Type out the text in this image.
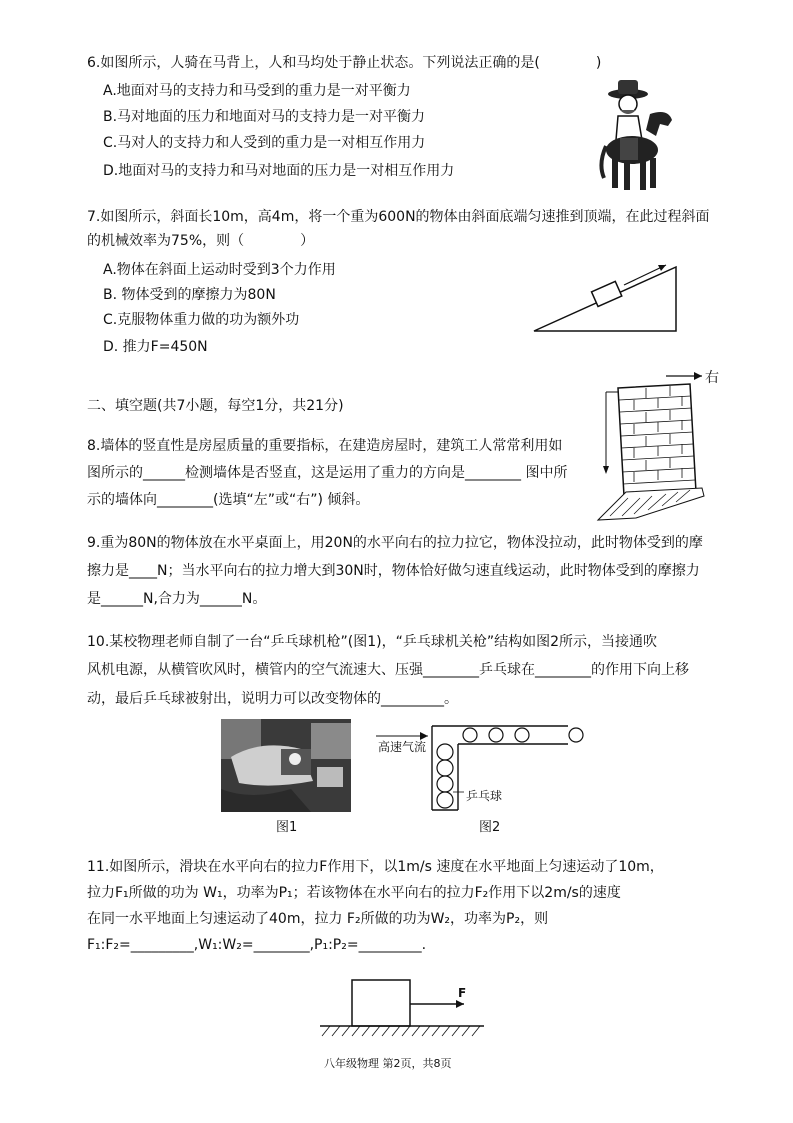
6.如图所示，人骑在马背上，人和马均处于静止状态。下列说法正确的是(　　　　)
A.地面对马的支持力和马受到的重力是一对平衡力
B.马对地面的压力和地面对马的支持力是一对平衡力
C.马对人的支持力和人受到的重力是一对相互作用力
D.地面对马的支持力和马对地面的压力是一对相互作用力
7.如图所示，斜面长10m，高4m，将一个重为600N的物体由斜面底端匀速推到顶端，在此过程斜面
的机械效率为75%，则（　　　　）
A.物体在斜面上运动时受到3个力作用
B. 物体受到的摩擦力为80N
C.克服物体重力做的功为额外功
D. 推力F=450N
二、填空题(共7小题，每空1分，共21分)
右
8.墙体的竖直性是房屋质量的重要指标，在建造房屋时，建筑工人常常利用如
图所示的______检测墙体是否竖直，这是运用了重力的方向是________ 图中所
示的墙体向________(选填“左”或“右”) 倾斜。
9.重为80N的物体放在水平桌面上，用20N的水平向右的拉力拉它，物体没拉动，此时物体受到的摩
擦力是____N；当水平向右的拉力增大到30N时，物体恰好做匀速直线运动，此时物体受到的摩擦力
是______N,合力为______N。
10.某校物理老师自制了一台“乒乓球机枪”(图1)，“乒乓球机关枪”结构如图2所示，当接通吹
风机电源，从横管吹风时，横管内的空气流速大、压强________乒乓球在________的作用下向上移
动，最后乒乓球被射出，说明力可以改变物体的_________。
图1
高速气流
乒乓球
图2
11.如图所示，滑块在水平向右的拉力F作用下，以1m/s 速度在水平地面上匀速运动了10m，
拉力F₁所做的功为 W₁，功率为P₁；若该物体在水平向右的拉力F₂作用下以2m/s的速度
在同一水平地面上匀速运动了40m，拉力 F₂所做的功为W₂，功率为P₂，则
F₁:F₂=_________,W₁:W₂=________,P₁:P₂=_________.
F
八年级物理 第2页，共8页
